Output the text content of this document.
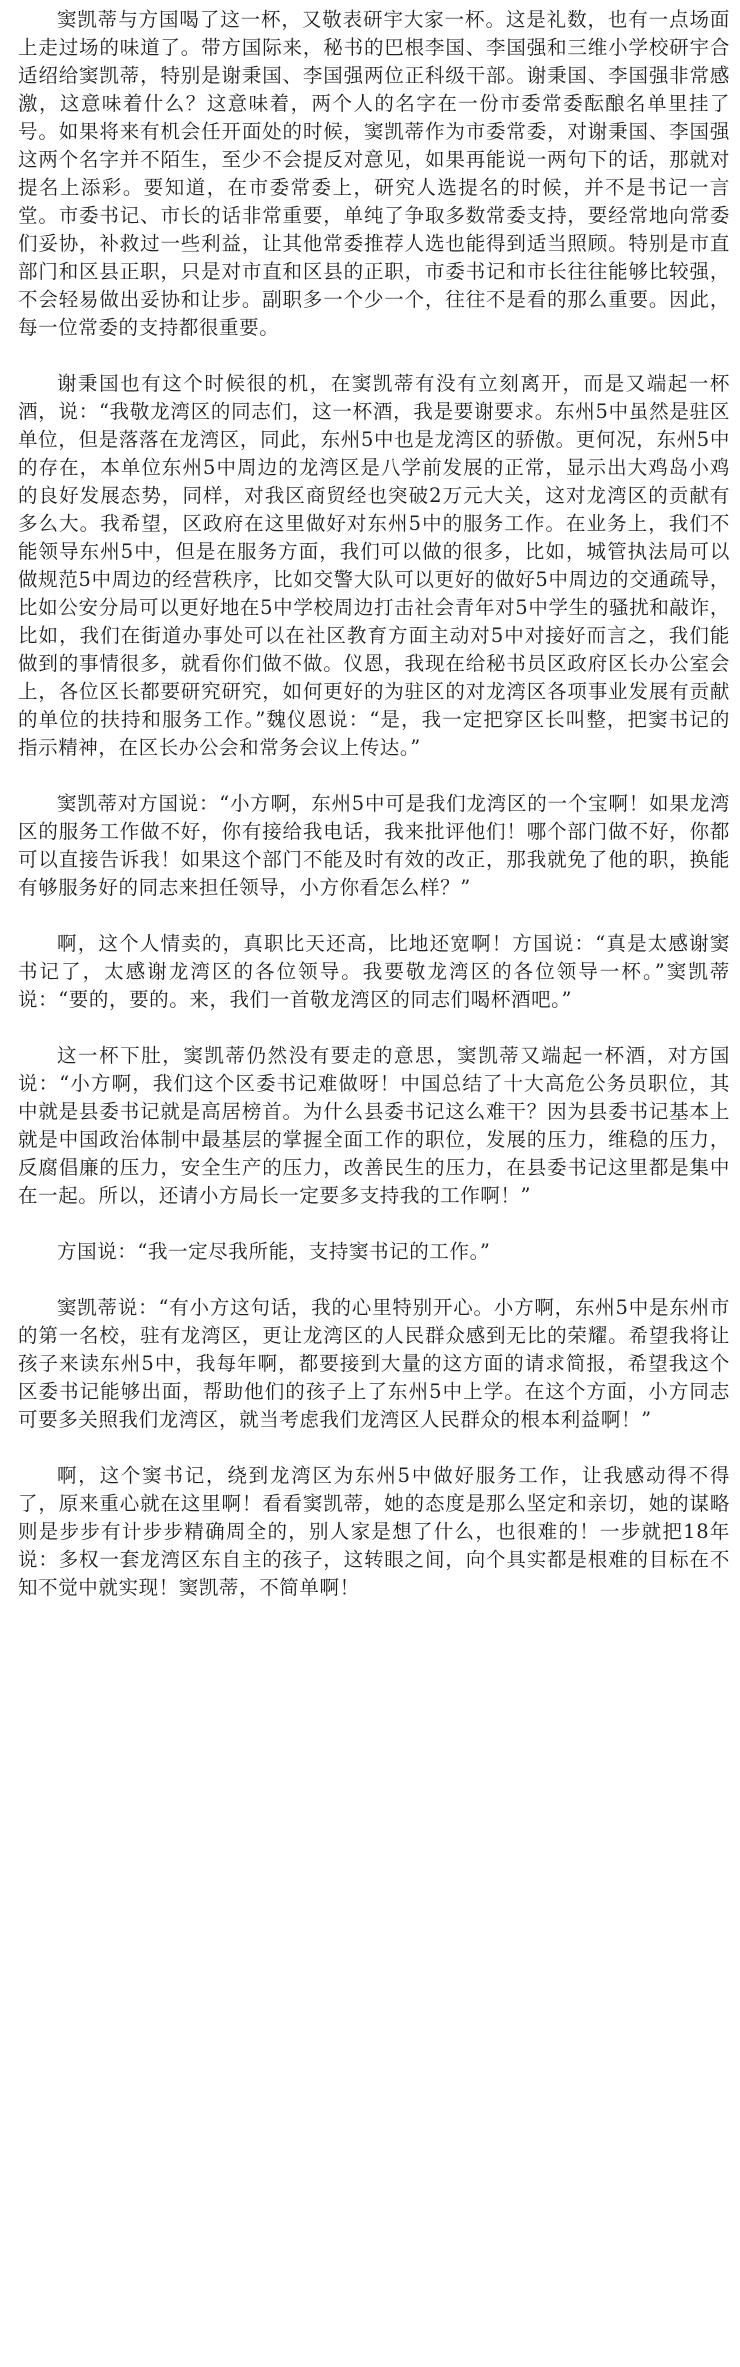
窦凯蒂与方国喝了这一杯，又敬表研宇大家一杯。这是礼数，也有一点场面上走过场的味道了。带方国际来，秘书的巴根李国、李国强和三维小学校研宇合适绍给窦凯蒂，特别是谢秉国、李国强两位正科级干部。谢秉国、李国强非常感激，这意味着什么？这意味着，两个人的名字在一份市委常委酝酿名单里挂了号。如果将来有机会任开面处的时候，窦凯蒂作为市委常委，对谢秉国、李国强这两个名字并不陌生，至少不会提反对意见，如果再能说一两句下的话，那就对提名上添彩。要知道，在市委常委上，研究人选提名的时候，并不是书记一言堂。市委书记、市长的话非常重要，单纯了争取多数常委支持，要经常地向常委们妥协，补救过一些利益，让其他常委推荐人选也能得到适当照顾。特别是市直部门和区县正职，只是对市直和区县的正职，市委书记和市长往往能够比较强，不会轻易做出妥协和让步。副职多一个少一个，往往不是看的那么重要。因此，每一位常委的支持都很重要。

谢秉国也有这个时候很的机，在窦凯蒂有没有立刻离开，而是又端起一杯酒，说：“我敬龙湾区的同志们，这一杯酒，我是要谢要求。东州5中虽然是驻区单位，但是落落在龙湾区，同此，东州5中也是龙湾区的骄傲。更何况，东州5中的存在，本单位东州5中周边的龙湾区是八学前发展的正常，显示出大鸡岛小鸡的良好发展态势，同样，对我区商贸经也突破2万元大关，这对龙湾区的贡献有多么大。我希望，区政府在这里做好对东州5中的服务工作。在业务上，我们不能领导东州5中，但是在服务方面，我们可以做的很多，比如，城管执法局可以做规范5中周边的经营秩序，比如交警大队可以更好的做好5中周边的交通疏导，比如公安分局可以更好地在5中学校周边打击社会青年对5中学生的骚扰和敲诈，比如，我们在街道办事处可以在社区教育方面主动对5中对接好而言之，我们能做到的事情很多，就看你们做不做。仪恩，我现在给秘书员区政府区长办公室会上，各位区长都要研究研究，如何更好的为驻区的对龙湾区各项事业发展有贡献的单位的扶持和服务工作。”魏仪恩说：“是，我一定把穿区长叫整，把窦书记的指示精神，在区长办公会和常务会议上传达。”

窦凯蒂对方国说：“小方啊，东州5中可是我们龙湾区的一个宝啊！如果龙湾区的服务工作做不好，你有接给我电话，我来批评他们！哪个部门做不好，你都可以直接告诉我！如果这个部门不能及时有效的改正，那我就免了他的职，换能有够服务好的同志来担任领导，小方你看怎么样？”

啊，这个人情卖的，真职比天还高，比地还宽啊！方国说：“真是太感谢窦书记了，太感谢龙湾区的各位领导。我要敬龙湾区的各位领导一杯。”窦凯蒂说：“要的，要的。来，我们一首敬龙湾区的同志们喝杯酒吧。”

这一杯下肚，窦凯蒂仍然没有要走的意思，窦凯蒂又端起一杯酒，对方国说：“小方啊，我们这个区委书记难做呀！中国总结了十大高危公务员职位，其中就是县委书记就是高居榜首。为什么县委书记这么难干？因为县委书记基本上就是中国政治体制中最基层的掌握全面工作的职位，发展的压力，维稳的压力，反腐倡廉的压力，安全生产的压力，改善民生的压力，在县委书记这里都是集中在一起。所以，还请小方局长一定要多支持我的工作啊！”

方国说：“我一定尽我所能，支持窦书记的工作。”

窦凯蒂说：“有小方这句话，我的心里特别开心。小方啊，东州5中是东州市的第一名校，驻有龙湾区，更让龙湾区的人民群众感到无比的荣耀。希望我将让孩子来读东州5中，我每年啊，都要接到大量的这方面的请求简报，希望我这个区委书记能够出面，帮助他们的孩子上了东州5中上学。在这个方面，小方同志可要多关照我们龙湾区，就当考虑我们龙湾区人民群众的根本利益啊！”

啊，这个窦书记，绕到龙湾区为东州5中做好服务工作，让我感动得不得了，原来重心就在这里啊！看看窦凯蒂，她的态度是那么坚定和亲切，她的谋略则是步步有计步步精确周全的，别人家是想了什么，也很难的！一步就把18年说：多权一套龙湾区东自主的孩子，这转眼之间，向个具实都是根难的目标在不知不觉中就实现！窦凯蒂，不简单啊！
